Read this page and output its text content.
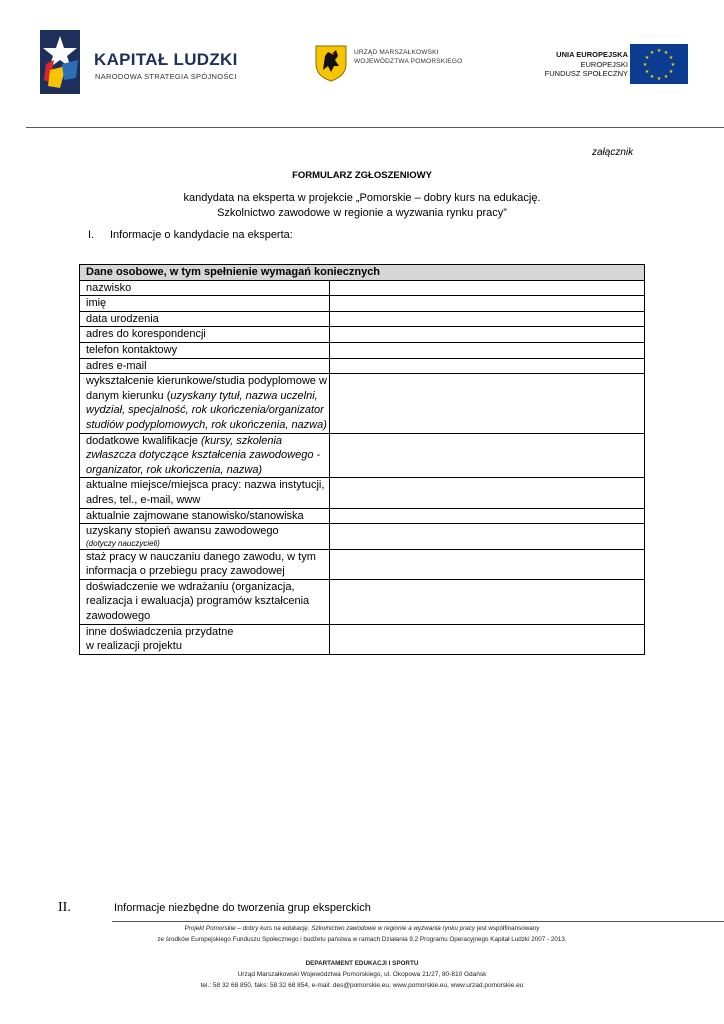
KAPITAŁ LUDZKI
NARODOWA STRATEGIA SPÓJNOŚCI
URZĄD MARSZAŁKOWSKI
WOJEWÓDZTWA POMORSKIEGO
UNIA EUROPEJSKA
EUROPEJSKI
FUNDUSZ SPOŁECZNY
★ ★
★
★
★
★
★
★
★
★
★
★
załącznik
FORMULARZ ZGŁOSZENIOWY
kandydata na eksperta w projekcie „Pomorskie – dobry kurs na edukację.
Szkolnictwo zawodowe w regionie a wyzwania rynku pracy”
I. Informacje o kandydacie na eksperta:
Dane osobowe, w tym spełnienie wymagań koniecznych	
nazwisko	
imię	
data urodzenia	
adres do korespondencji	
telefon kontaktowy	
adres e-mail	
wykształcenie kierunkowe/studia podyplomowe w danym kierunku (uzyskany tytuł, nazwa uczelni, wydział, specjalność, rok ukończenia/organizator studiów podyplomowych, rok ukończenia, nazwa)	
dodatkowe kwalifikacje (kursy, szkolenia zwłaszcza dotyczące kształcenia zawodowego -organizator, rok ukończenia, nazwa)	
aktualne miejsce/miejsca pracy: nazwa instytucji, adres, tel., e-mail, www	
aktualnie zajmowane stanowisko/stanowiska	
uzyskany stopień awansu zawodowego
(dotyczy nauczycieli)	

staż pracy w nauczaniu danego zawodu, w tym informacja o przebiegu pracy zawodowej	
doświadczenie we wdrażaniu (organizacja, realizacja i ewaluacja) programów kształcenia zawodowego	
inne doświadczenia przydatne
w realizacji projektu	
II.	Informacje niezbędne do tworzenia grup eksperckich
Projekt Pomorskie – dobry kurs na edukację. Szkolnictwo zawodowe w regionie a wyzwania rynku pracy jest współfinansowany
ze środków Europejskiego Funduszu Społecznego i budżetu państwa w ramach Działania 9.2 Programu Operacyjnego Kapitał Ludzki 2007 - 2013.
DEPARTAMENT EDUKACJI I SPORTU
Urząd Marszałkowski Województwa Pomorskiego, ul. Okopowa 21/27, 80-810 Gdańsk
tel.: 58 32 68 850, faks: 58 32 68 854, e-mail: des@pomorskie.eu, www.pomorskie.eu, www.urzad.pomorskie.eu
